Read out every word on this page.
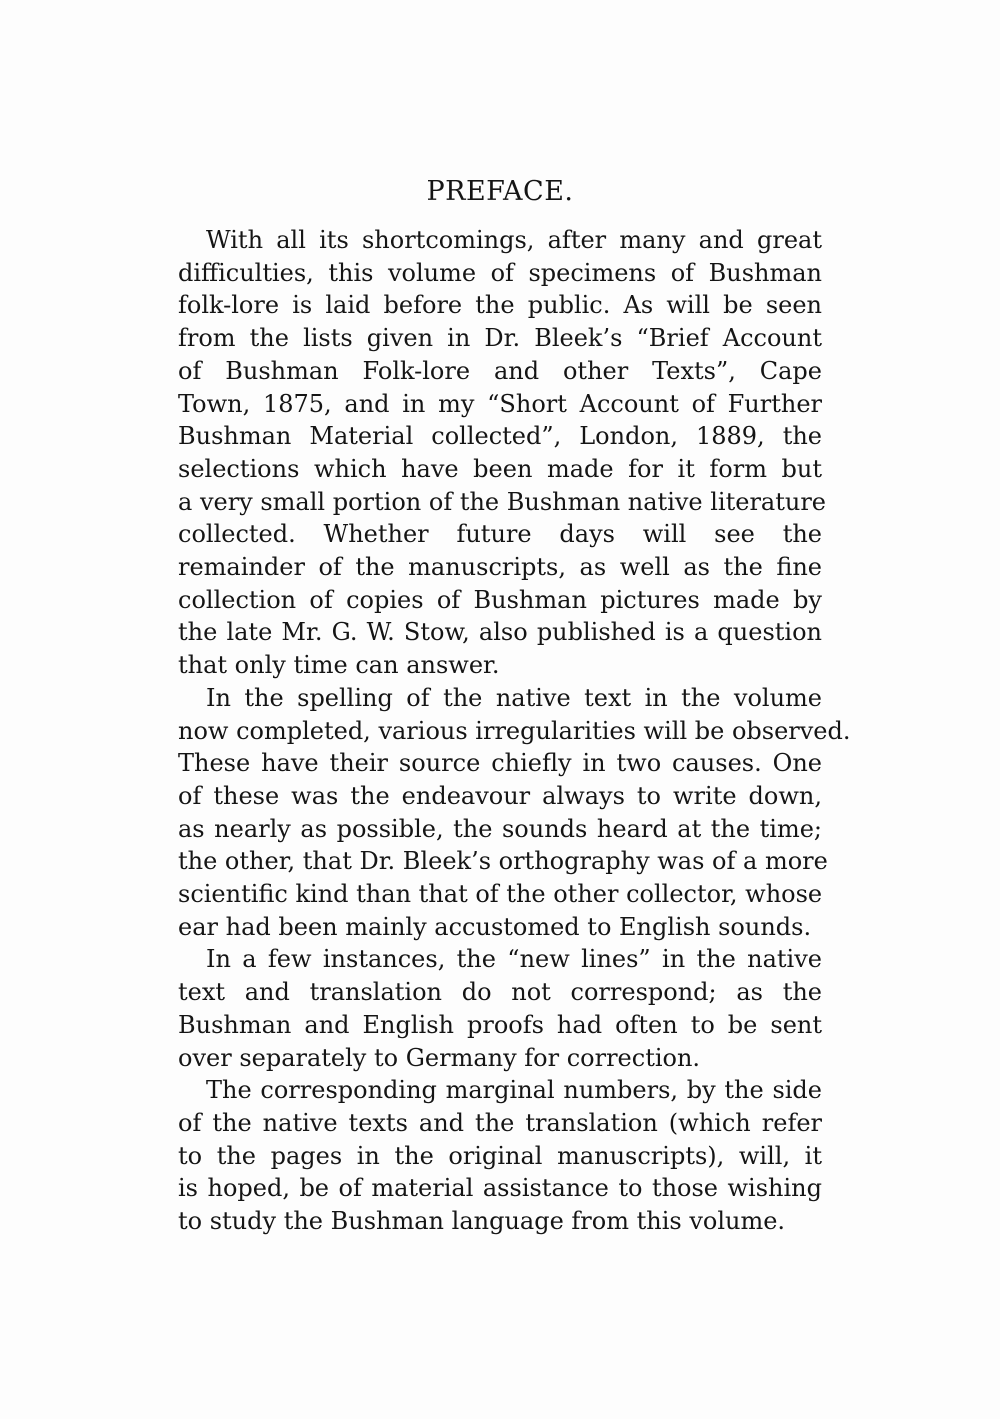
PREFACE.
With all its shortcomings, after many and great
difficulties, this volume of specimens of Bushman
folk-lore is laid before the public. As will be seen
from the lists given in Dr. Bleek’s “Brief Account
of Bushman Folk-lore and other Texts”, Cape
Town, 1875, and in my “Short Account of Further
Bushman Material collected”, London, 1889, the
selections which have been made for it form but
a very small portion of the Bushman native literature
collected. Whether future days will see the
remainder of the manuscripts, as well as the fine
collection of copies of Bushman pictures made by
the late Mr. G. W. Stow, also published is a question
that only time can answer.
In the spelling of the native text in the volume
now completed, various irregularities will be observed.
These have their source chiefly in two causes. One
of these was the endeavour always to write down,
as nearly as possible, the sounds heard at the time;
the other, that Dr. Bleek’s orthography was of a more
scientific kind than that of the other collector, whose
ear had been mainly accustomed to English sounds.
In a few instances, the “new lines” in the native
text and translation do not correspond; as the
Bushman and English proofs had often to be sent
over separately to Germany for correction.
The corresponding marginal numbers, by the side
of the native texts and the translation (which refer
to the pages in the original manuscripts), will, it
is hoped, be of material assistance to those wishing
to study the Bushman language from this volume.
